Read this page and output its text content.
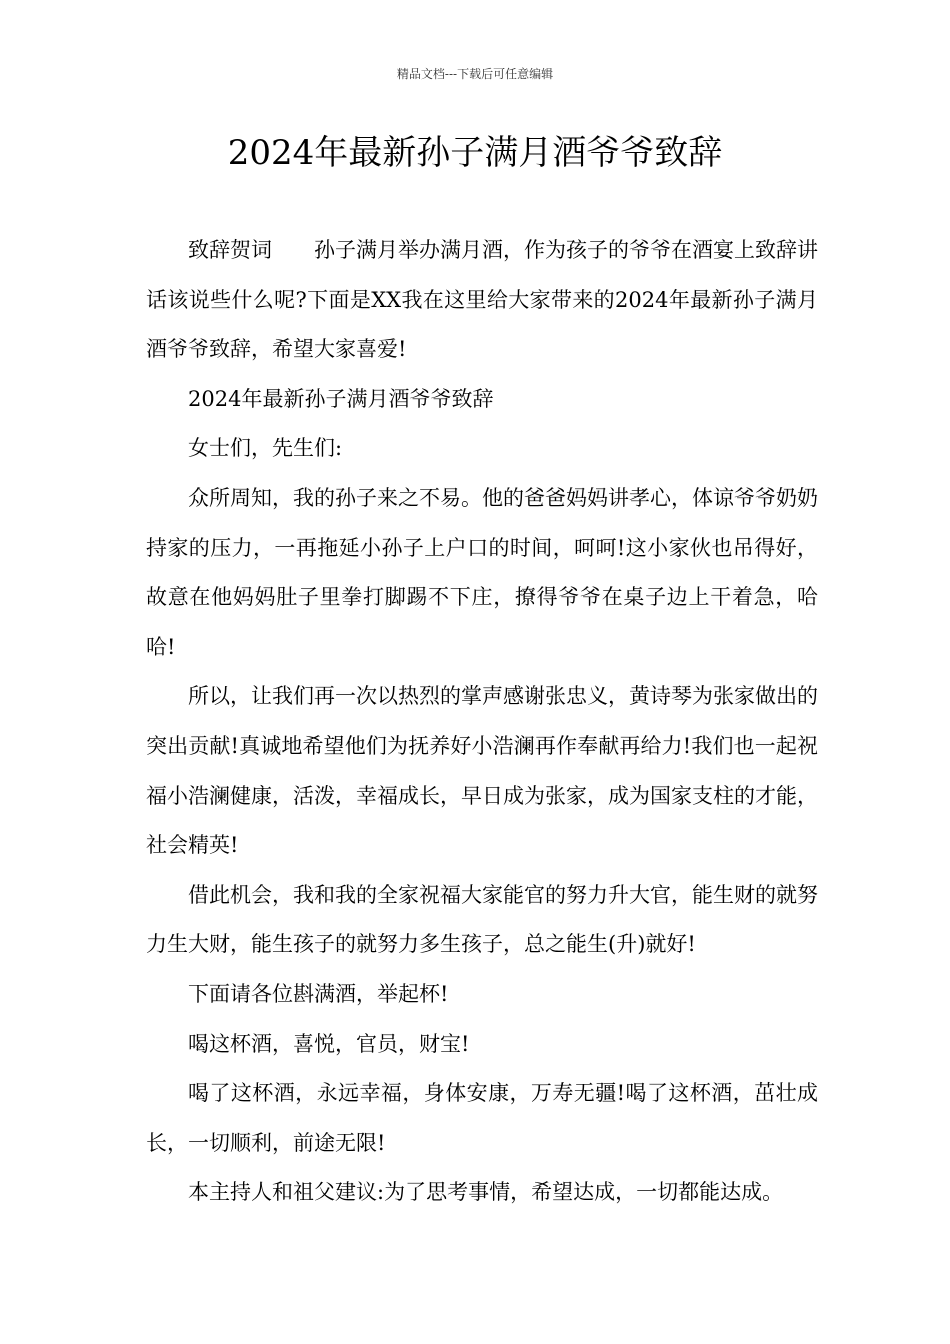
精品文档---下载后可任意编辑
2024年最新孙子满月酒爷爷致辞

致辞贺词　　孙子满月举办满月酒，作为孩子的爷爷在酒宴上致辞讲话该说些什么呢?下面是XX我在这里给大家带来的2024年最新孙子满月酒爷爷致辞，希望大家喜爱!

2024年最新孙子满月酒爷爷致辞

女士们，先生们:

众所周知，我的孙子来之不易。他的爸爸妈妈讲孝心，体谅爷爷奶奶持家的压力，一再拖延小孙子上户口的时间，呵呵!这小家伙也吊得好，故意在他妈妈肚子里拳打脚踢不下庄，撩得爷爷在桌子边上干着急，哈哈!

所以，让我们再一次以热烈的掌声感谢张忠义，黄诗琴为张家做出的突出贡献!真诚地希望他们为抚养好小浩澜再作奉献再给力!我们也一起祝福小浩澜健康，活泼，幸福成长，早日成为张家，成为国家支柱的才能，社会精英!

借此机会，我和我的全家祝福大家能官的努力升大官，能生财的就努力生大财，能生孩子的就努力多生孩子，总之能生(升)就好!

下面请各位斟满酒，举起杯!

喝这杯酒，喜悦，官员，财宝!

喝了这杯酒，永远幸福，身体安康，万寿无疆!喝了这杯酒，茁壮成长，一切顺利，前途无限!

本主持人和祖父建议:为了思考事情，希望达成，一切都能达成。
